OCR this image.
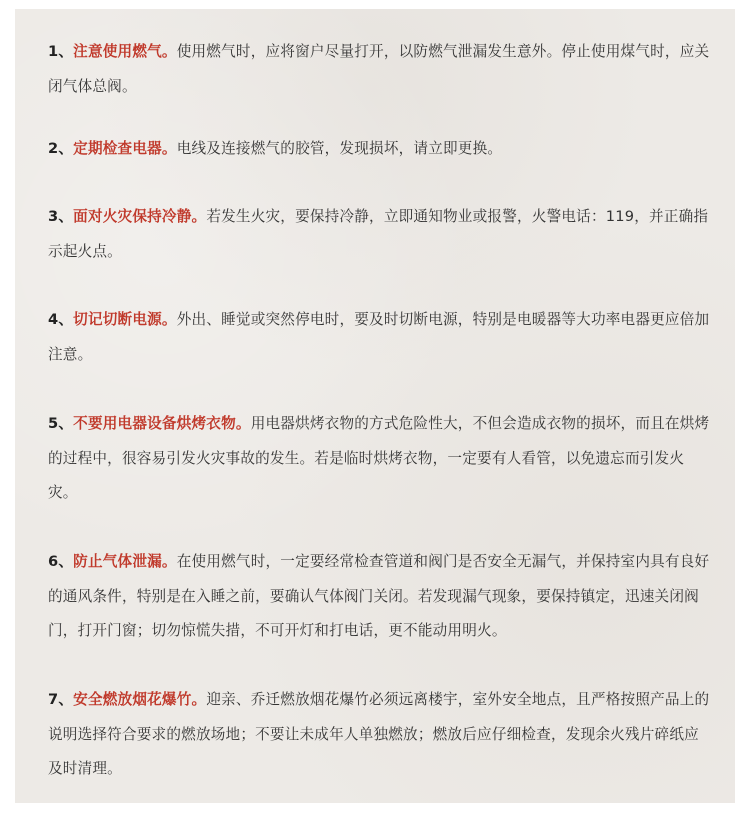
1、注意使用燃气。使用燃气时，应将窗户尽量打开，以防燃气泄漏发生意外。停止使用煤气时，应关闭气体总阀。

2、定期检查电器。电线及连接燃气的胶管，发现损坏，请立即更换。

3、面对火灾保持冷静。若发生火灾，要保持冷静，立即通知物业或报警，火警电话：119，并正确指示起火点。

4、切记切断电源。外出、睡觉或突然停电时，要及时切断电源，特别是电暖器等大功率电器更应倍加注意。

5、不要用电器设备烘烤衣物。用电器烘烤衣物的方式危险性大，不但会造成衣物的损坏，而且在烘烤的过程中，很容易引发火灾事故的发生。若是临时烘烤衣物，一定要有人看管，以免遗忘而引发火灾。

6、防止气体泄漏。在使用燃气时，一定要经常检查管道和阀门是否安全无漏气，并保持室内具有良好的通风条件，特别是在入睡之前，要确认气体阀门关闭。若发现漏气现象，要保持镇定，迅速关闭阀门，打开门窗；切勿惊慌失措，不可开灯和打电话，更不能动用明火。

7、安全燃放烟花爆竹。迎亲、乔迁燃放烟花爆竹必须远离楼宇，室外安全地点，且严格按照产品上的说明选择符合要求的燃放场地；不要让未成年人单独燃放；燃放后应仔细检查，发现余火残片碎纸应及时清理。
